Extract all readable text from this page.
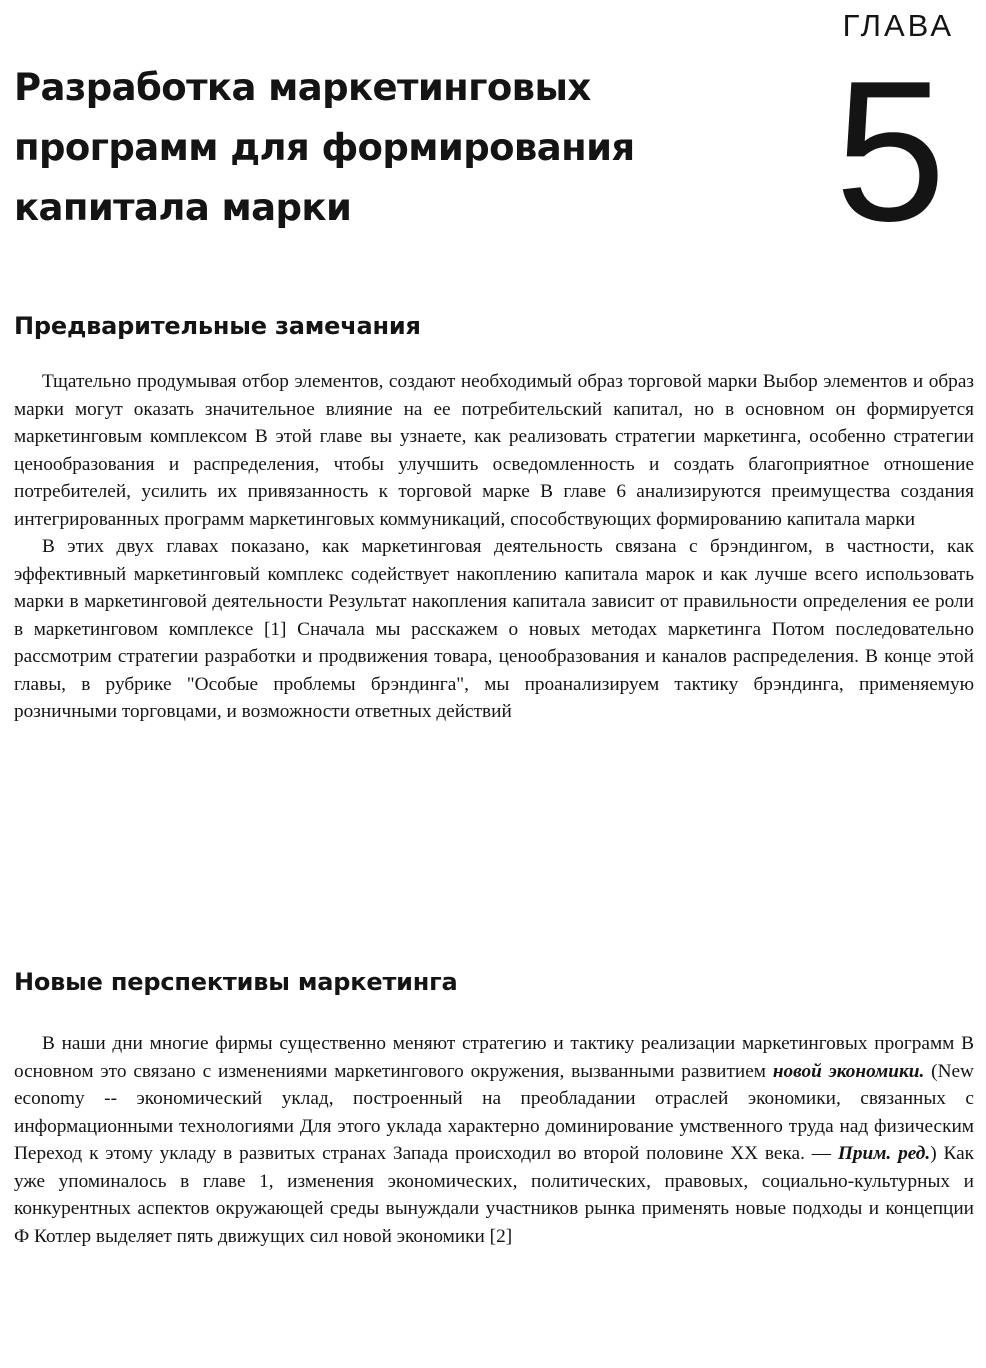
ГЛАВА
5
Разработка маркетинговых программ для формирования капитала марки
Предварительные замечания

Тщательно продумывая отбор элементов, создают необходимый образ торговой марки Выбор элементов и образ марки могут оказать значительное влияние на ее потребительский капитал, но в основном он формируется маркетинговым комплексом В этой главе вы узнаете, как реализовать стратегии маркетинга, особенно стратегии ценообразования и распределения, чтобы улучшить осведомленность и создать благоприятное отношение потребителей, усилить их привязанность к торговой марке В главе 6 анализируются преимущества создания интегрированных программ маркетинговых коммуникаций, способствующих формированию капитала марки

В этих двух главах показано, как маркетинговая деятельность связана с брэндингом, в частности, как эффективный маркетинговый комплекс содействует накоплению капитала марок и как лучше всего использовать марки в маркетинговой деятельности Результат накопления капитала зависит от правильности определения ее роли в маркетинговом комплексе [1] Сначала мы расскажем о новых методах маркетинга Потом последовательно рассмотрим стратегии разработки и продвижения товара, ценообразования и каналов распределения. В конце этой главы, в рубрике "Особые проблемы брэндинга", мы проанализируем тактику брэндинга, применяемую розничными торговцами, и возможности ответных действий

Новые перспективы маркетинга

В наши дни многие фирмы существенно меняют стратегию и тактику реализации маркетинговых программ В основном это связано с изменениями маркетингового окружения, вызванными развитием новой экономики. (New economy -- экономический уклад, построенный на преобладании отраслей экономики, связанных с информационными технологиями Для этого уклада характерно доминирование умственного труда над физическим Переход к этому укладу в развитых странах Запада происходил во второй половине XX века. — Прим. ред.) Как уже упоминалось в главе 1, изменения экономических, политических, правовых, социально-культурных и конкурентных аспектов окружающей среды вынуждали участников рынка применять новые подходы и концепции Ф Котлер выделяет пять движущих сил новой экономики [2]
